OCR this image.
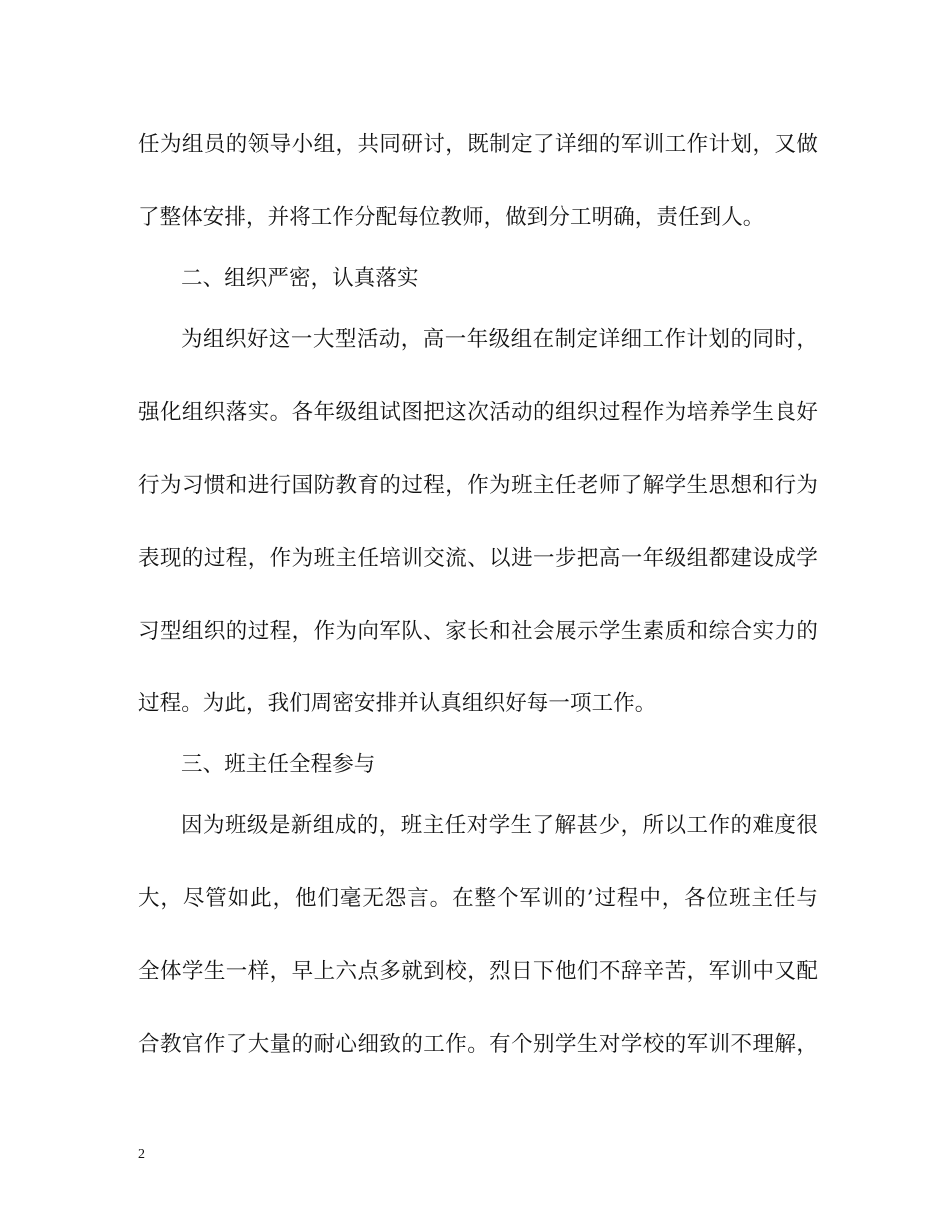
任为组员的领导小组，共同研讨，既制定了详细的军训工作计划，又做
了整体安排，并将工作分配每位教师，做到分工明确，责任到人。
二、组织严密，认真落实
为组织好这一大型活动，高一年级组在制定详细工作计划的同时，
强化组织落实。各年级组试图把这次活动的组织过程作为培养学生良好
行为习惯和进行国防教育的过程，作为班主任老师了解学生思想和行为
表现的过程，作为班主任培训交流、以进一步把高一年级组都建设成学
习型组织的过程，作为向军队、家长和社会展示学生素质和综合实力的
过程。为此，我们周密安排并认真组织好每一项工作。
三、班主任全程参与
因为班级是新组成的，班主任对学生了解甚少，所以工作的难度很
大，尽管如此，他们毫无怨言。在整个军训的’过程中，各位班主任与
全体学生一样，早上六点多就到校，烈日下他们不辞辛苦，军训中又配
合教官作了大量的耐心细致的工作。有个别学生对学校的军训不理解，
2
